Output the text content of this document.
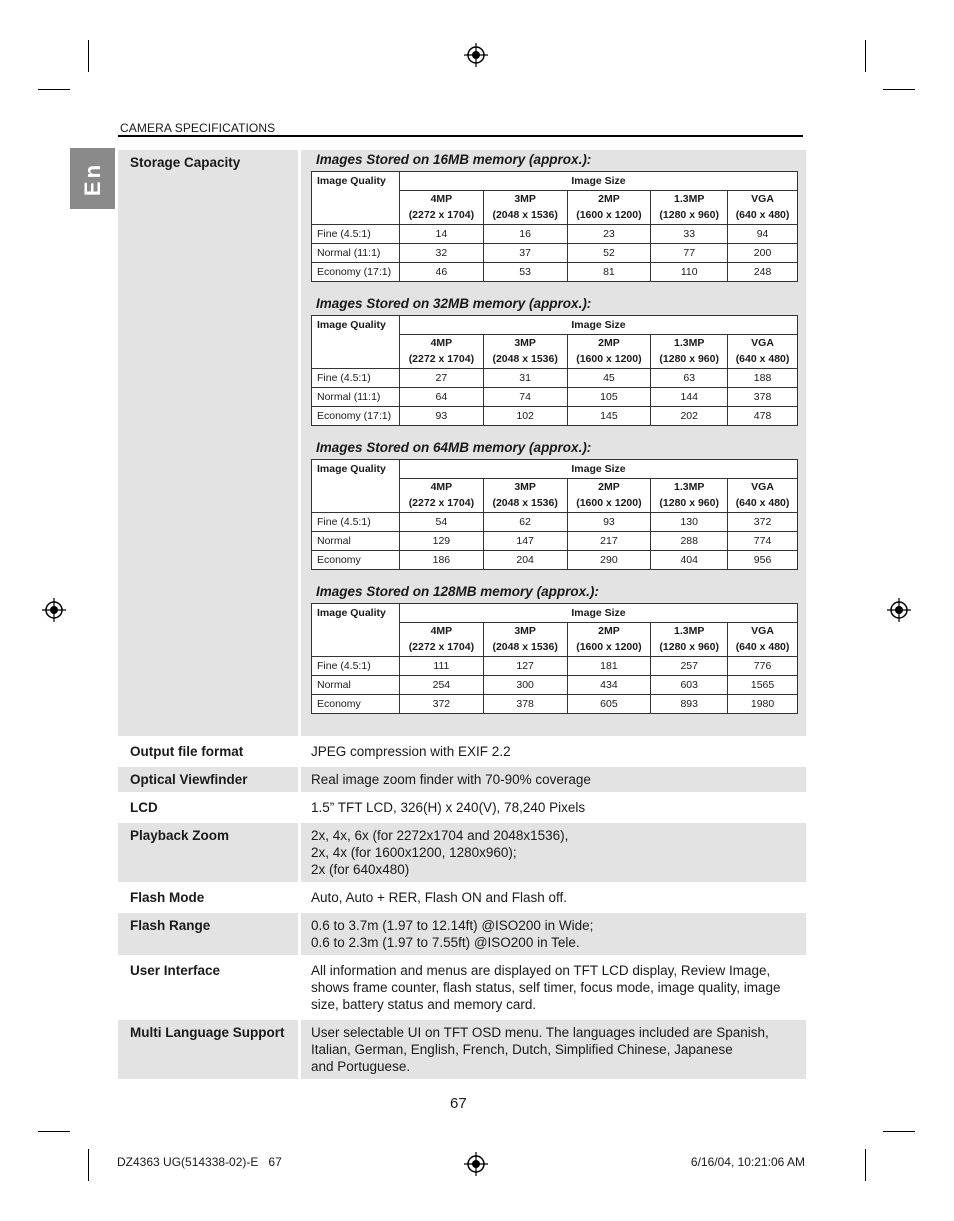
CAMERA SPECIFICATIONS
En Storage Capacity		Images Stored on 16MB memory (approx.):
Image Quality	Image Size
4MP	3MP	2MP	1.3MP	VGA
(2272 x 1704)	(2048 x 1536)	(1600 x 1200)	(1280 x 960)	(640 x 480)
Fine (4.5:1)	14	16	23	33	94
Normal (11:1)	32	37	52	77	200
Economy (17:1)	46	53	81	110	248
Images Stored on 32MB memory (approx.):
Image Quality	Image Size
4MP	3MP	2MP	1.3MP	VGA
(2272 x 1704)	(2048 x 1536)	(1600 x 1200)	(1280 x 960)	(640 x 480)
Fine (4.5:1)	27	31	45	63	188
Normal (11:1)	64	74	105	144	378
Economy (17:1)	93	102	145	202	478
Images Stored on 64MB memory (approx.):
Image Quality	Image Size
4MP	3MP	2MP	1.3MP	VGA
(2272 x 1704)	(2048 x 1536)	(1600 x 1200)	(1280 x 960)	(640 x 480)
Fine (4.5:1)	54	62	93	130	372
Normal	129	147	217	288	774
Economy	186	204	290	404	956
Images Stored on 128MB memory (approx.):
Image Quality	Image Size
4MP	3MP	2MP	1.3MP	VGA
(2272 x 1704)	(2048 x 1536)	(1600 x 1200)	(1280 x 960)	(640 x 480)
Fine (4.5:1)	111	127	181	257	776
Normal	254	300	434	603	1565
Economy	372	378	605	893	1980

Output file format		JPEG compression with EXIF 2.2

Optical Viewfinder		Real image zoom finder with 70-90% coverage

LCD		1.5” TFT LCD, 326(H) x 240(V), 78,240 Pixels

Playback Zoom		2x, 4x, 6x (for 2272x1704 and 2048x1536),
2x, 4x (for 1600x1200, 1280x960);
2x (for 640x480)

Flash Mode		Auto, Auto + RER, Flash ON and Flash off.

Flash Range		0.6 to 3.7m (1.97 to 12.14ft) @ISO200 in Wide;
0.6 to 2.3m (1.97 to 7.55ft) @ISO200 in Tele.

User Interface		All information and menus are displayed on TFT LCD display, Review Image,
shows frame counter, flash status, self timer, focus mode, image quality, image
size, battery status and memory card.

Multi Language Support		User selectable UI on TFT OSD menu. The languages included are Spanish,
Italian, German, English, French, Dutch, Simplified Chinese, Japanese
and Portuguese.
67
DZ4363 UG(514338-02)-E   67	6/16/04, 10:21:06 AM
